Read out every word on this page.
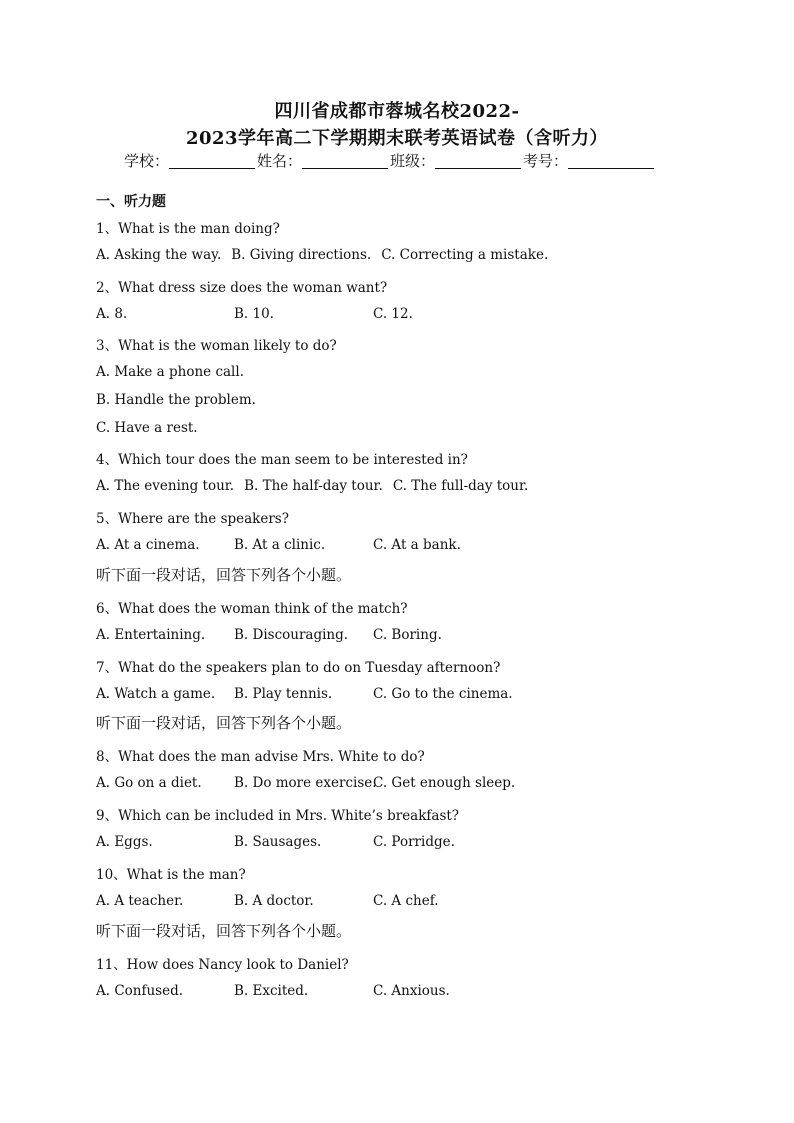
四川省成都市蓉城名校2022-
2023学年高二下学期期末联考英语试卷（含听力）
学校：	姓名：	班级：	考号：
一、听力题
1、What is the man doing?
A. Asking the way. B. Giving directions. C. Correcting a mistake.
2、What dress size does the woman want?
A. 8.	B. 10.	C. 12.
3、What is the woman likely to do?
A. Make a phone call.
B. Handle the problem.
C. Have a rest.
4、Which tour does the man seem to be interested in?
A. The evening tour. B. The half-day tour. C. The full-day tour.
5、Where are the speakers?
A. At a cinema.	B. At a clinic.	C. At a bank.
听下面一段对话，回答下列各个小题。
6、What does the woman think of the match?
A. Entertaining. B. Discouraging. C. Boring.
7、What do the speakers plan to do on Tuesday afternoon?
A. Watch a game. B. Play tennis.	C. Go to the cinema.
听下面一段对话，回答下列各个小题。
8、What does the man advise Mrs. White to do?
A. Go on a diet. B. Do more exercise.
C. Get enough sleep.
9、Which can be included in Mrs. White’s breakfast?
A. Eggs.	B. Sausages.	C. Porridge.
10、What is the man?
A. A teacher.	B. A doctor.	C. A chef.
听下面一段对话，回答下列各个小题。
11、How does Nancy look to Daniel?
A. Confused.	B. Excited.	C. Anxious.
